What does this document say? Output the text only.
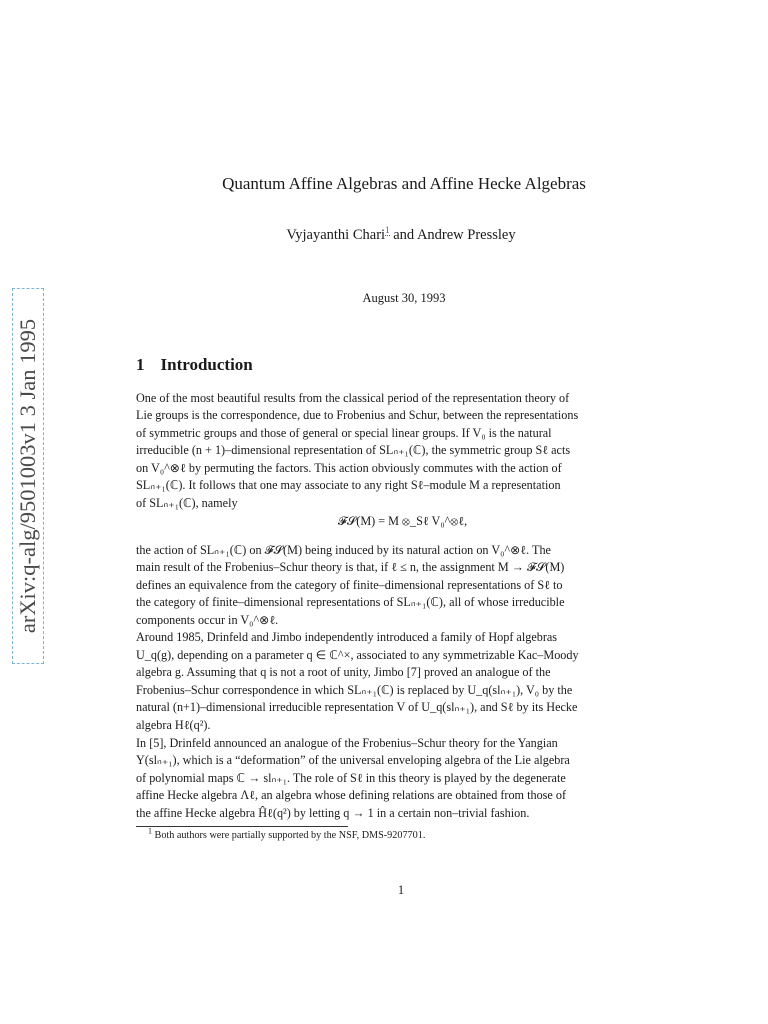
arXiv:q-alg/9501003v1 3 Jan 1995
Quantum Affine Algebras and Affine Hecke Algebras
Vyjayanthi Chari$^1$ and Andrew Pressley
August 30, 1993
1 Introduction
One of the most beautiful results from the classical period of the representation theory of
Lie groups is the correspondence, due to Frobenius and Schur, between the representations
of symmetric groups and those of general or special linear groups. If V₀ is the natural
irreducible (n + 1)–dimensional representation of SLₙ₊₁(ℂ), the symmetric group Sℓ acts
on V₀^⊗ℓ by permuting the factors. This action obviously commutes with the action of
SLₙ₊₁(ℂ). It follows that one may associate to any right Sℓ–module M a representation
of SLₙ₊₁(ℂ), namely
𝓕𝓢(M) = M ⊗_Sℓ V₀^⊗ℓ,
the action of SLₙ₊₁(ℂ) on 𝓕𝓢(M) being induced by its natural action on V₀^⊗ℓ. The
main result of the Frobenius–Schur theory is that, if ℓ ≤ n, the assignment M → 𝓕𝓢(M)
defines an equivalence from the category of finite–dimensional representations of Sℓ to
the category of finite–dimensional representations of SLₙ₊₁(ℂ), all of whose irreducible
components occur in V₀^⊗ℓ.
Around 1985, Drinfeld and Jimbo independently introduced a family of Hopf algebras
U_q(g), depending on a parameter q ∈ ℂ^×, associated to any symmetrizable Kac–Moody
algebra g. Assuming that q is not a root of unity, Jimbo [7] proved an analogue of the
Frobenius–Schur correspondence in which SLₙ₊₁(ℂ) is replaced by U_q(slₙ₊₁), V₀ by the
natural (n+1)–dimensional irreducible representation V of U_q(slₙ₊₁), and Sℓ by its Hecke
algebra Hℓ(q²).
In [5], Drinfeld announced an analogue of the Frobenius–Schur theory for the Yangian
Y(slₙ₊₁), which is a “deformation” of the universal enveloping algebra of the Lie algebra
of polynomial maps ℂ → slₙ₊₁. The role of Sℓ in this theory is played by the degenerate
affine Hecke algebra Λℓ, an algebra whose defining relations are obtained from those of
the affine Hecke algebra Ĥℓ(q²) by letting q → 1 in a certain non–trivial fashion.
$^1$ Both authors were partially supported by the NSF, DMS-9207701.
1
